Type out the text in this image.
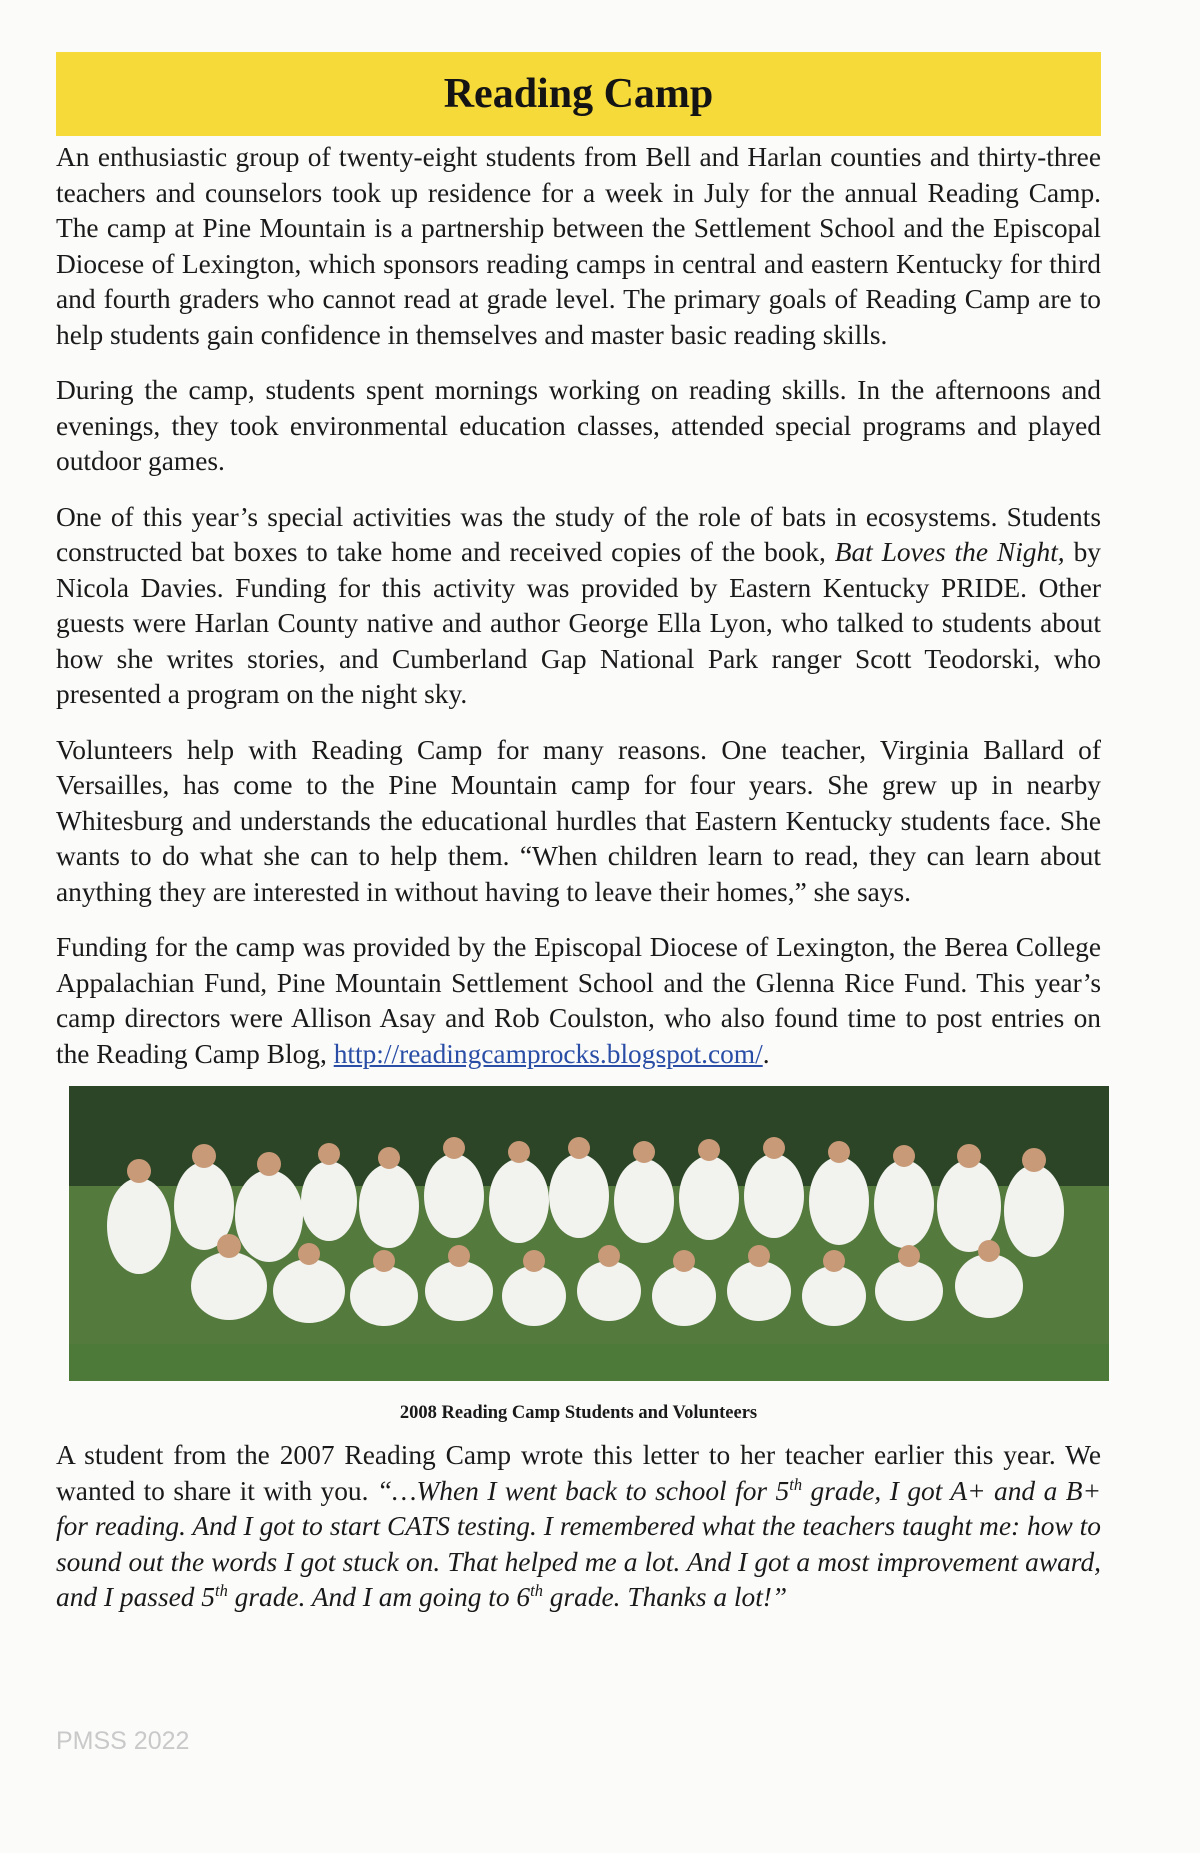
Reading Camp

An enthusiastic group of twenty-eight students from Bell and Harlan counties and thirty-three teachers and counselors took up residence for a week in July for the annual Reading Camp. The camp at Pine Mountain is a partnership between the Settlement School and the Episcopal Diocese of Lexington, which sponsors reading camps in central and eastern Kentucky for third and fourth graders who cannot read at grade level. The primary goals of Reading Camp are to help students gain confidence in themselves and master basic reading skills.

During the camp, students spent mornings working on reading skills. In the afternoons and evenings, they took environmental education classes, attended special programs and played outdoor games.

One of this year’s special activities was the study of the role of bats in ecosystems. Students constructed bat boxes to take home and received copies of the book, Bat Loves the Night, by Nicola Davies. Funding for this activity was provided by Eastern Kentucky PRIDE. Other guests were Harlan County native and author George Ella Lyon, who talked to students about how she writes stories, and Cumberland Gap National Park ranger Scott Teodorski, who presented a program on the night sky.

Volunteers help with Reading Camp for many reasons. One teacher, Virginia Ballard of Versailles, has come to the Pine Mountain camp for four years. She grew up in nearby Whitesburg and understands the educational hurdles that Eastern Kentucky students face. She wants to do what she can to help them. “When children learn to read, they can learn about anything they are interested in without having to leave their homes,” she says.

Funding for the camp was provided by the Episcopal Diocese of Lexington, the Berea College Appalachian Fund, Pine Mountain Settlement School and the Glenna Rice Fund. This year’s camp directors were Allison Asay and Rob Coulston, who also found time to post entries on the Reading Camp Blog, http://readingcamprocks.blogspot.com/.

2008 Reading Camp Students and Volunteers

A student from the 2007 Reading Camp wrote this letter to her teacher earlier this year. We wanted to share it with you. “…When I went back to school for 5th grade, I got A+ and a B+ for reading. And I got to start CATS testing. I remembered what the teachers taught me: how to sound out the words I got stuck on. That helped me a lot. And I got a most improvement award, and I passed 5th grade. And I am going to 6th grade. Thanks a lot!”

PMSS 2022
